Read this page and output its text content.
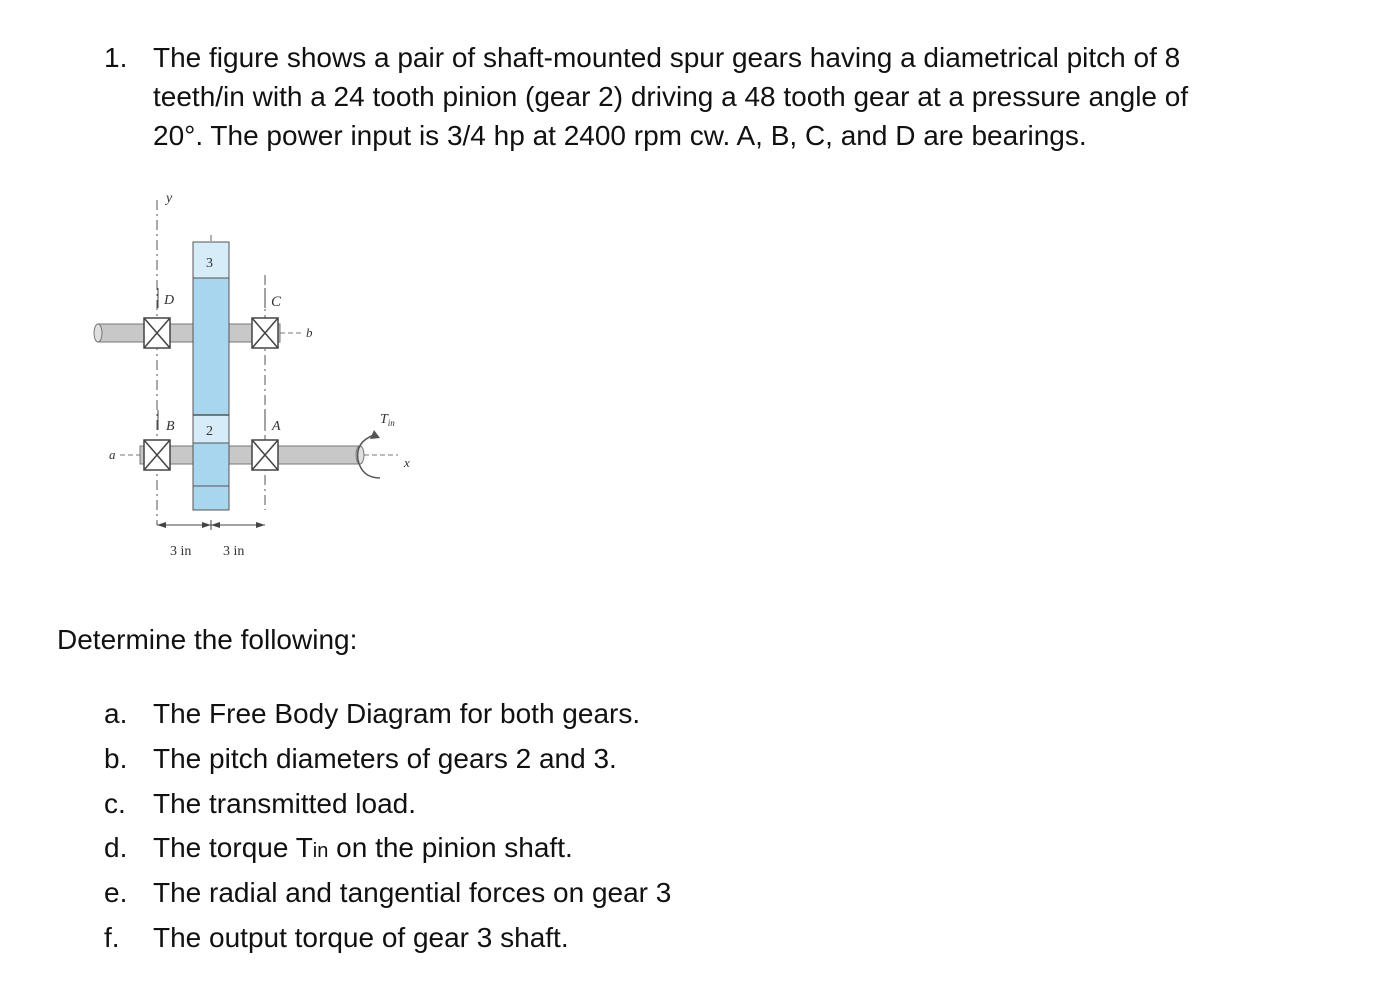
1. The figure shows a pair of shaft-mounted spur gears having a diametrical pitch of 8
teeth/in with a 24 tooth pinion (gear 2) driving a 48 tooth gear at a pressure angle of
20°. The power input is 3/4 hp at 2400 rpm cw. A, B, C, and D are bearings.
y
3
D	C
b
B 2	A
a
x
$T_{in}$
3 in 3 in
Determine the following:
a. The Free Body Diagram for both gears.
b. The pitch diameters of gears 2 and 3.
c. The transmitted load.
d. The torque Tin on the pinion shaft.
e. The radial and tangential forces on gear 3
f.	The output torque of gear 3 shaft.
